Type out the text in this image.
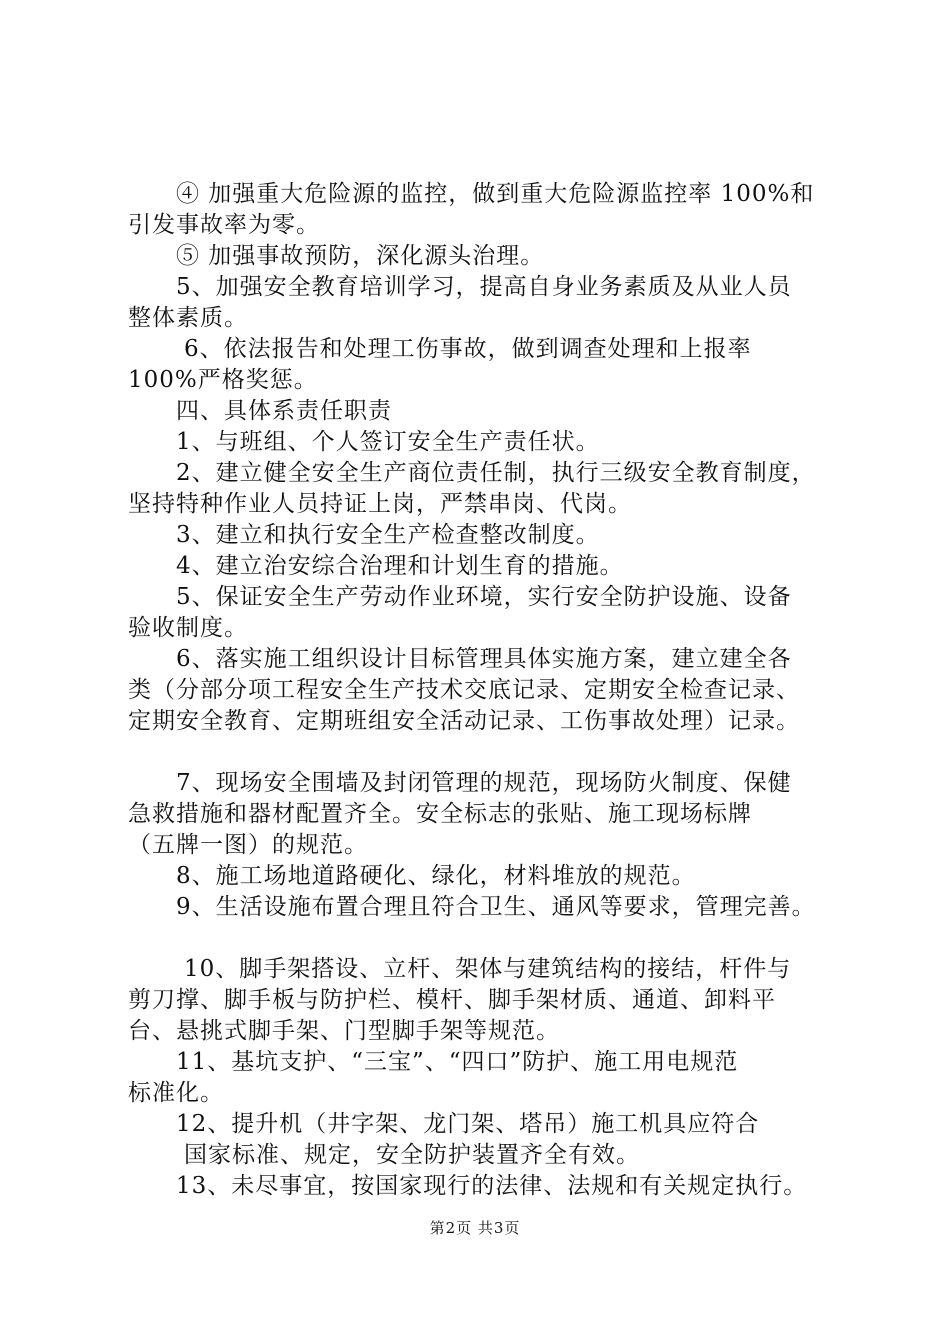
④ 加强重大危险源的监控，做到重大危险源监控率 100%和
引发事故率为零。
⑤ 加强事故预防，深化源头治理。
5、加强安全教育培训学习，提高自身业务素质及从业人员
整体素质。
6、依法报告和处理工伤事故，做到调查处理和上报率
100%严格奖惩。
四、具体系责任职责
1、与班组、个人签订安全生产责任状。
2、建立健全安全生产商位责任制，执行三级安全教育制度，
坚持特种作业人员持证上岗，严禁串岗、代岗。
3、建立和执行安全生产检查整改制度。
4、建立治安综合治理和计划生育的措施。
5、保证安全生产劳动作业环境，实行安全防护设施、设备
验收制度。
6、落实施工组织设计目标管理具体实施方案，建立建全各
类（分部分项工程安全生产技术交底记录、定期安全检查记录、
定期安全教育、定期班组安全活动记录、工伤事故处理）记录。
7、现场安全围墙及封闭管理的规范，现场防火制度、保健
急救措施和器材配置齐全。安全标志的张贴、施工现场标牌
（五牌一图）的规范。
8、施工场地道路硬化、绿化，材料堆放的规范。
9、生活设施布置合理且符合卫生、通风等要求，管理完善。
10、脚手架搭设、立杆、架体与建筑结构的接结，杆件与
剪刀撑、脚手板与防护栏、模杆、脚手架材质、通道、卸料平
台、悬挑式脚手架、门型脚手架等规范。
11、基坑支护、“三宝”、“四口”防护、施工用电规范
标准化。
12、提升机（井字架、龙门架、塔吊）施工机具应符合
国家标准、规定，安全防护装置齐全有效。
13、未尽事宜，按国家现行的法律、法规和有关规定执行。
第2页 共3页
